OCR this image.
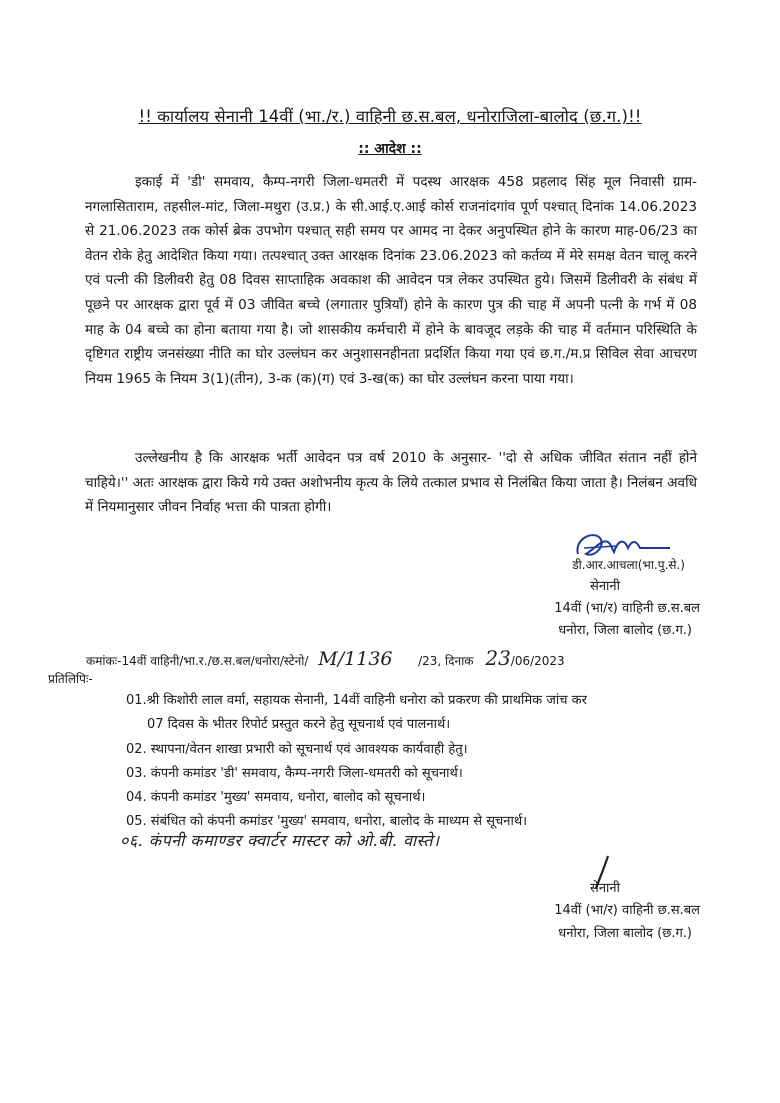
!! कार्यालय सेनानी 14वीं (भा./र.) वाहिनी छ.स.बल, धनोराजिला-बालोद (छ.ग.)!!
:: आदेश ::

इकाई में 'डी' समवाय, कैम्प-नगरी जिला-धमतरी में पदस्थ आरक्षक 458 प्रहलाद सिंह मूल निवासी ग्राम-नगलासिताराम, तहसील-मांट, जिला-मथुरा (उ.प्र.) के सी.आई.ए.आई कोर्स राजनांदगांव पूर्ण पश्चात् दिनांक 14.06.2023 से 21.06.2023 तक कोर्स ब्रेक उपभोग पश्चात् सही समय पर आमद ना देकर अनुपस्थित होने के कारण माह-06/23 का वेतन रोके हेतु आदेशित किया गया। तत्पश्चात् उक्त आरक्षक दिनांक 23.06.2023 को कर्तव्य में मेरे समक्ष वेतन चालू करने एवं पत्नी की डिलीवरी हेतु 08 दिवस साप्ताहिक अवकाश की आवेदन पत्र लेकर उपस्थित हुये। जिसमें डिलीवरी के संबंध में पूछने पर आरक्षक द्वारा पूर्व में 03 जीवित बच्चे (लगातार पुत्रियाँ) होने के कारण पुत्र की चाह में अपनी पत्नी के गर्भ में 08 माह के 04 बच्चे का होना बताया गया है। जो शासकीय कर्मचारी में होने के बावजूद लड़के की चाह में वर्तमान परिस्थिति के दृष्टिगत राष्ट्रीय जनसंख्या नीति का घोर उल्लंघन कर अनुशासनहीनता प्रदर्शित किया गया एवं छ.ग./म.प्र सिविल सेवा आचरण नियम 1965 के नियम 3(1)(तीन), 3-क (क)(ग) एवं 3-ख(क) का घोर उल्लंघन करना पाया गया।

उल्लेखनीय है कि आरक्षक भर्ती आवेदन पत्र वर्ष 2010 के अनुसार- ''दो से अधिक जीवित संतान नहीं होने चाहिये।'' अतः आरक्षक द्वारा किये गये उक्त अशोभनीय कृत्य के लिये तत्काल प्रभाव से निलंबित किया जाता है। निलंबन अवधि में नियमानुसार जीवन निर्वाह भत्ता की पात्रता होगी।

डी.आर.आचला(भा.पु.से.)
सेनानी
14वीं (भा/र) वाहिनी छ.स.बल
धनोरा, जिला बालोद (छ.ग.)
कमांकः-14वीं वाहिनी/भा.र./छ.स.बल/धनोरा/स्टेनो/ M/1136 /23, दिनाक 23/06/2023
प्रतिलिपिः-
01.श्री किशोरी लाल वर्मा, सहायक सेनानी, 14वीं वाहिनी धनोरा को प्रकरण की प्राथमिक जांच कर
07 दिवस के भीतर रिपोर्ट प्रस्तुत करने हेतु सूचनार्थ एवं पालनार्थ।
02. स्थापना/वेतन शाखा प्रभारी को सूचनार्थ एवं आवश्यक कार्यवाही हेतु।
03. कंपनी कमांडर 'डी' समवाय, कैम्प-नगरी जिला-धमतरी को सूचनार्थ।
04. कंपनी कमांडर 'मुख्य' समवाय, धनोरा, बालोद को सूचनार्थ।
05. संबंधित को कंपनी कमांडर 'मुख्य' समवाय, धनोरा, बालोद के माध्यम से सूचनार्थ।
०६. कंपनी कमाण्डर क्वार्टर मास्टर को ओ.बी. वास्ते।
सेनानी
14वीं (भा/र) वाहिनी छ.स.बल
धनोरा, जिला बालोद (छ.ग.)
